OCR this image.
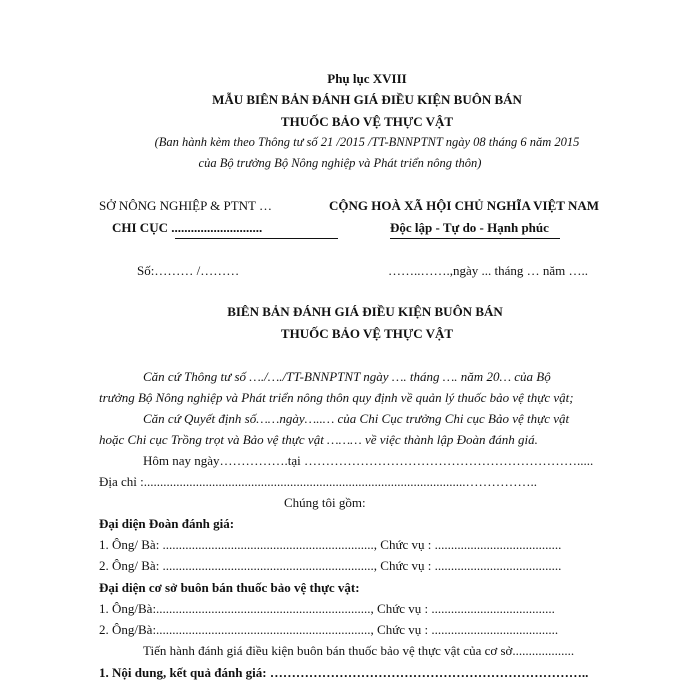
Phụ lục XVIII
MẪU BIÊN BẢN ĐÁNH GIÁ ĐIỀU KIỆN BUÔN BÁN
THUỐC BẢO VỆ THỰC VẬT
(Ban hành kèm theo Thông tư số 21 /2015 /TT-BNNPTNT ngày 08 tháng 6 năm 2015
của Bộ trưởng Bộ Nông nghiệp và Phát triển nông thôn)
SỞ NÔNG NGHIỆP & PTNT …
CHI CỤC ............................
Số:……… /………
CỘNG HOÀ XÃ HỘI CHỦ NGHĨA VIỆT NAM
Độc lập - Tự do - Hạnh phúc
……..…….,ngày ... tháng … năm …..
BIÊN BẢN ĐÁNH GIÁ ĐIỀU KIỆN BUÔN BÁN
THUỐC BẢO VỆ THỰC VẬT
Căn cứ Thông tư số …./…./TT-BNNPTNT ngày …. tháng …. năm 20… của Bộ
trưởng Bộ Nông nghiệp và Phát triển nông thôn quy định về quản lý thuốc bảo vệ thực vật;
Căn cứ Quyết định số……ngày…..… của Chi Cục trưởng Chi cục Bảo vệ thực vật
hoặc Chi cục Trồng trọt và Bảo vệ thực vật ……… về việc thành lập Đoàn đánh giá.
Hôm nay ngày…………….tại ……………………………………………………….....
Địa chỉ :...................................................................................................……………..
Chúng tôi gồm:
Đại diện Đoàn đánh giá:
1. Ông/ Bà: ................................................................., Chức vụ : .......................................
2. Ông/ Bà: ................................................................., Chức vụ : .......................................
Đại diện cơ sở buôn bán thuốc bảo vệ thực vật:
1. Ông/Bà:.................................................................., Chức vụ : ......................................
2. Ông/Bà:.................................................................., Chức vụ : .......................................
Tiến hành đánh giá điều kiện buôn bán thuốc bảo vệ thực vật của cơ sở...................
1. Nội dung, kết quả đánh giá: ………………………………………………………………..
